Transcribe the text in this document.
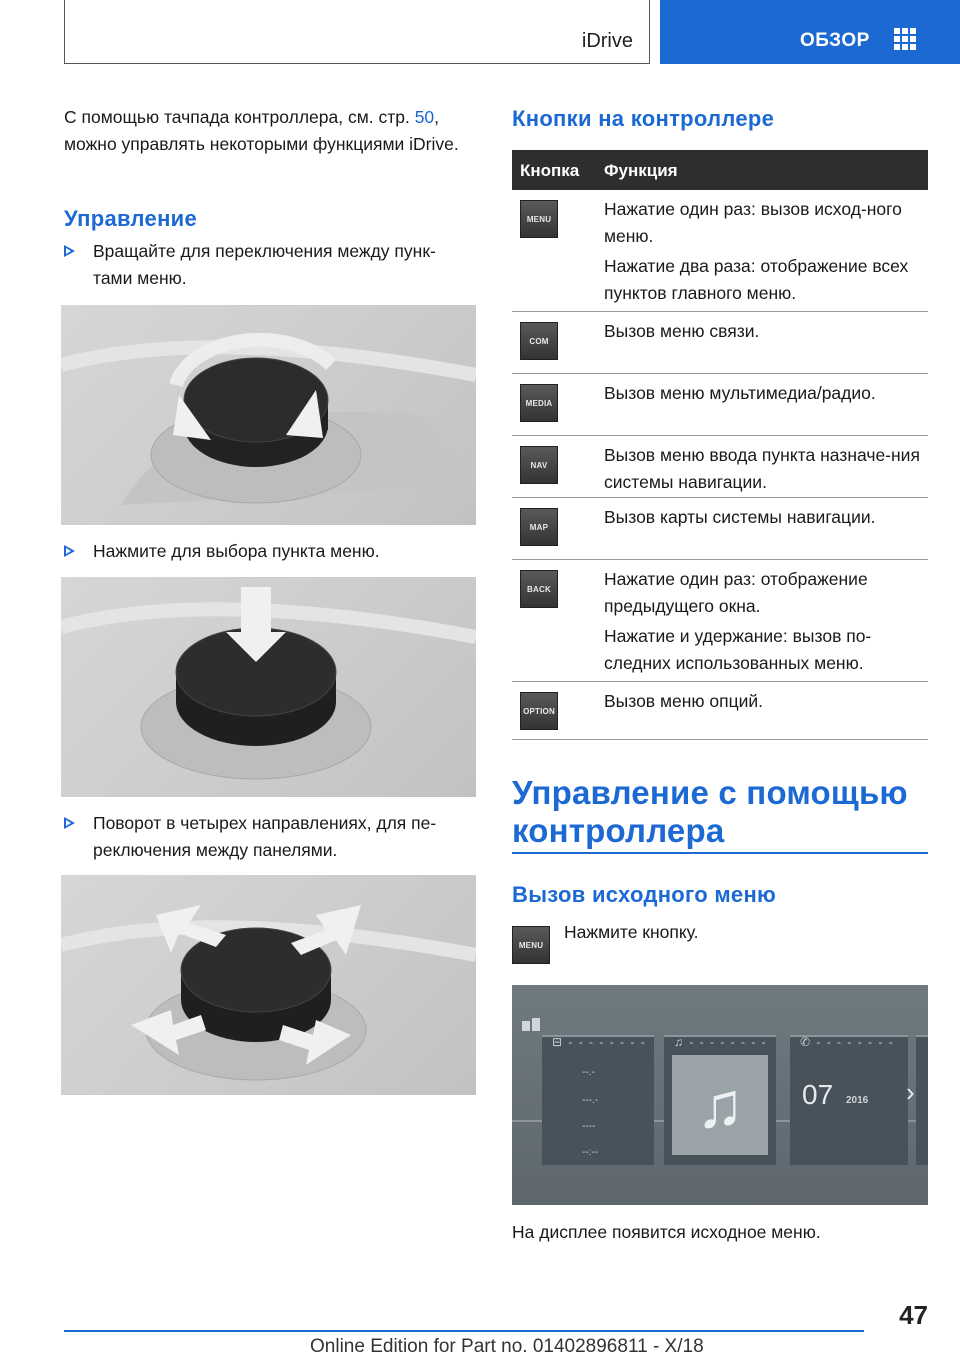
iDrive	ОБЗОР

С помощью тачпада контроллера, см. стр. 50, можно управлять некоторыми функциями iDrive.

Управление
Вращайте для переключения между пунк-тами меню.
Нажмите для выбора пункта меню.
Поворот в четырех направлениях, для пе-реключения между панелями.
Кнопки на контроллере
Кнопка Функция
MENU	Нажатие один раз: вызов исход-ного меню.
Нажатие два раза: отображение всех пунктов главного меню.
COM	Вызов меню связи.
MEDIA	Вызов меню мультимедиа/радио.
NAV	Вызов меню ввода пункта назначе-ния системы навигации.
MAP	Вызов карты системы навигации.
BACK	Нажатие один раз: отображение предыдущего окна.
Нажатие и удержание: вызов по-следних использованных меню.
OPTION	Вызов меню опций.
Управление с помощью контроллера
Вызов исходного меню
MENU
Нажмите кнопку.
⊟ - - - - - - - -
--.-
---.-
----
--:--
♫ - - - - - - - -
♫
✆ - - - - - - - -
07 2016 ›
На дисплее появится исходное меню.
47
Online Edition for Part no. 01402896811 - X/18
